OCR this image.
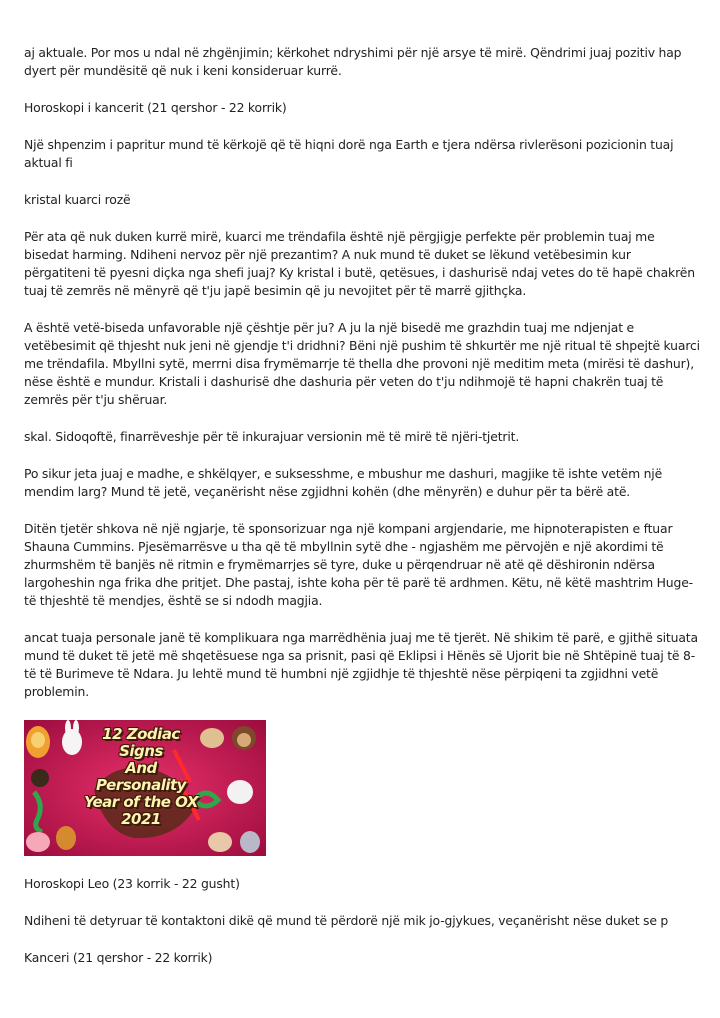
aj aktuale. Por mos u ndal në zhgënjimin; kërkohet ndryshimi për një arsye të mirë. Qëndrimi juaj pozitiv hap dyert për mundësitë që nuk i keni konsideruar kurrë.

Horoskopi i kancerit (21 qershor - 22 korrik)

Një shpenzim i papritur mund të kërkojë që të hiqni dorë nga Earth e tjera ndërsa rivlerësoni pozicionin tuaj aktual fi

kristal kuarci rozë

Për ata që nuk duken kurrë mirë, kuarci me trëndafila është një përgjigje perfekte për problemin tuaj me bisedat harming. Ndiheni nervoz për një prezantim? A nuk mund të duket se lëkund vetëbesimin kur përgatiteni të pyesni diçka nga shefi juaj? Ky kristal i butë, qetësues, i dashurisë ndaj vetes do të hapë chakrën tuaj të zemrës në mënyrë që t'ju japë besimin që ju nevojitet për të marrë gjithçka.

A është vetë-biseda unfavorable një çështje për ju? A ju la një bisedë me grazhdin tuaj me ndjenjat e vetëbesimit që thjesht nuk jeni në gjendje t'i dridhni? Bëni një pushim të shkurtër me një ritual të shpejtë kuarci me trëndafila. Mbyllni sytë, merrni disa frymëmarrje të thella dhe provoni një meditim meta (mirësi të dashur), nëse është e mundur. Kristali i dashurisë dhe dashuria për veten do t'ju ndihmojë të hapni chakrën tuaj të zemrës për t'ju shëruar.

skal. Sidoqoftë, finarrëveshje për të inkurajuar versionin më të mirë të njëri-tjetrit.

Po sikur jeta juaj e madhe, e shkëlqyer, e suksesshme, e mbushur me dashuri, magjike të ishte vetëm një mendim larg? Mund të jetë, veçanërisht nëse zgjidhni kohën (dhe mënyrën) e duhur për ta bërë atë.

Ditën tjetër shkova në një ngjarje, të sponsorizuar nga një kompani argjendarie, me hipnoterapisten e ftuar Shauna Cummins. Pjesëmarrësve u tha që të mbyllnin sytë dhe - ngjashëm me përvojën e një akordimi të zhurmshëm të banjës në ritmin e frymëmarrjes së tyre, duke u përqendruar në atë që dëshironin ndërsa largoheshin nga frika dhe pritjet. Dhe pastaj, ishte koha për të parë të ardhmen. Këtu, në këtë mashtrim Huge-të thjeshtë të mendjes, është se si ndodh magjia.

ancat tuaja personale janë të komplikuara nga marrëdhënia juaj me të tjerët. Në shikim të parë, e gjithë situata mund të duket të jetë më shqetësuese nga sa prisnit, pasi që Eklipsi i Hënës së Ujorit bie në Shtëpinë tuaj të 8-të të Burimeve të Ndara. Ju lehtë mund të humbni një zgjidhje të thjeshtë nëse përpiqeni ta zgjidhni vetë problemin.

12 Zodiac
Signs
And
Personality
Year of the OX
2021

Horoskopi Leo (23 korrik - 22 gusht)

Ndiheni të detyruar të kontaktoni dikë që mund të përdorë një mik jo-gjykues, veçanërisht nëse duket se p

Kanceri (21 qershor - 22 korrik)
